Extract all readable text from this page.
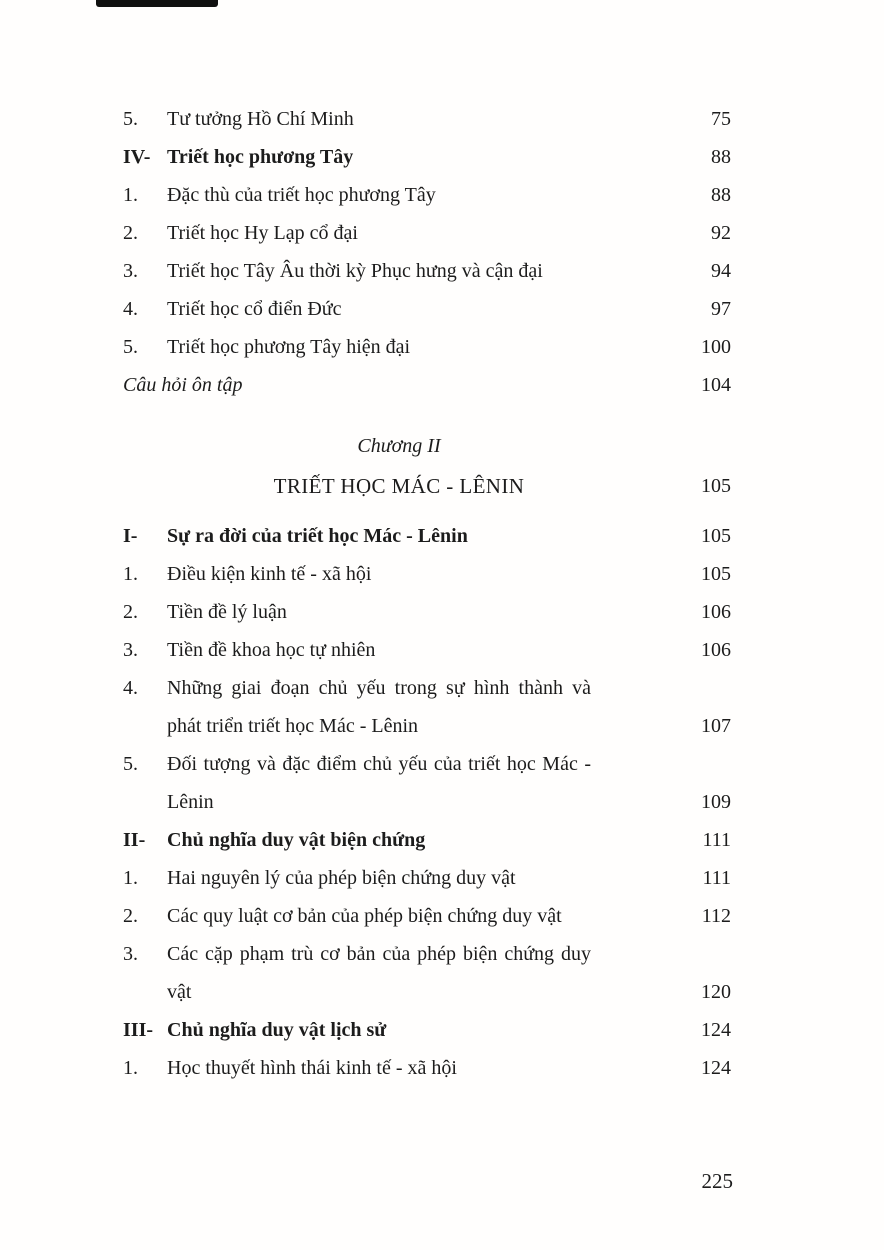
5.	Tư tưởng Hồ Chí Minh	75
IV- Triết học phương Tây	88
1.	Đặc thù của triết học phương Tây	88
2.	Triết học Hy Lạp cổ đại	92
3.	Triết học Tây Âu thời kỳ Phục hưng và cận đại	94
4.	Triết học cổ điển Đức	97
5.	Triết học phương Tây hiện đại	100
Câu hỏi ôn tập	104
Chương II
TRIẾT HỌC MÁC - LÊNIN	105
I-	Sự ra đời của triết học Mác - Lênin	105
1.	Điều kiện kinh tế - xã hội	105
2.	Tiền đề lý luận	106
3.	Tiền đề khoa học tự nhiên	106
4.	Những giai đoạn chủ yếu trong sự hình thành và phát triển triết học Mác - Lênin	107
5.	Đối tượng và đặc điểm chủ yếu của triết học Mác - Lênin	109
II-	Chủ nghĩa duy vật biện chứng	111
1.	Hai nguyên lý của phép biện chứng duy vật	111
2.	Các quy luật cơ bản của phép biện chứng duy vật	112
3.	Các cặp phạm trù cơ bản của phép biện chứng duy vật	120
III- Chủ nghĩa duy vật lịch sử	124
1.	Học thuyết hình thái kinh tế - xã hội	124
225
